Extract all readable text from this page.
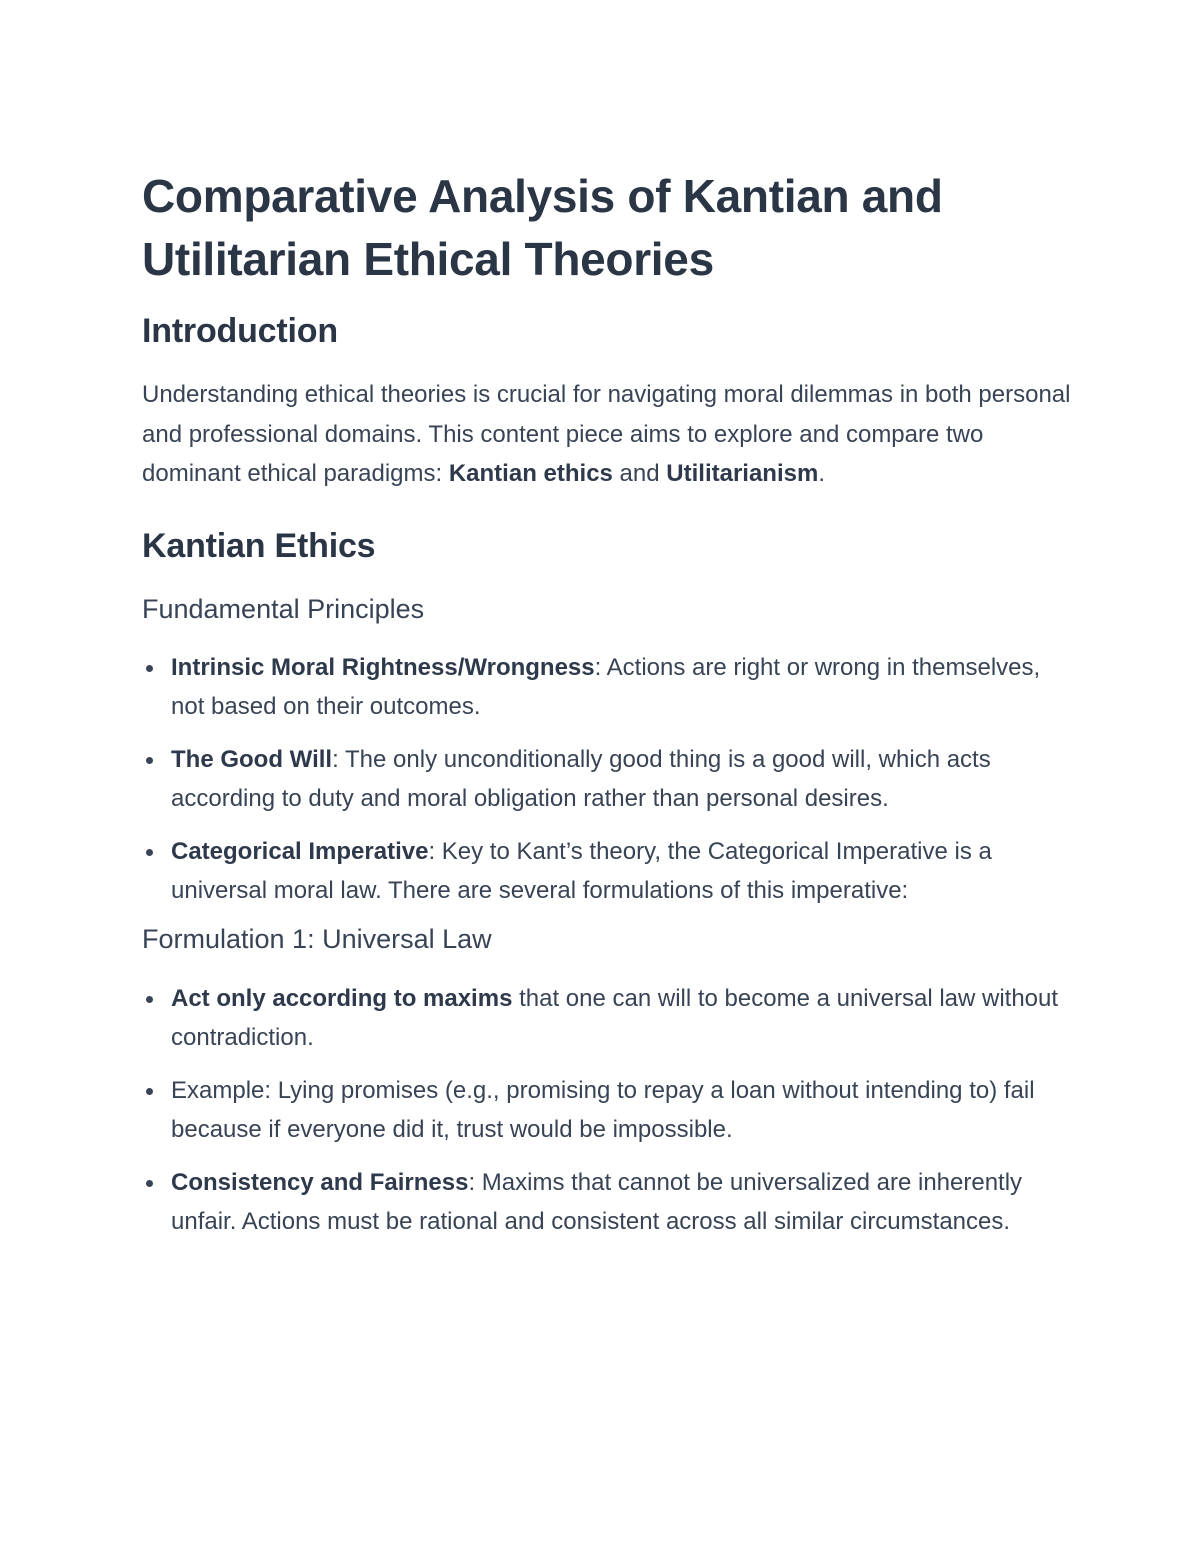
Comparative Analysis of Kantian and Utilitarian Ethical Theories
Introduction

Understanding ethical theories is crucial for navigating moral dilemmas in both personal and professional domains. This content piece aims to explore and compare two dominant ethical paradigms: Kantian ethics and Utilitarianism.

Kantian Ethics
Fundamental Principles
Intrinsic Moral Rightness/Wrongness: Actions are right or wrong in themselves, not based on their outcomes.
The Good Will: The only unconditionally good thing is a good will, which acts according to duty and moral obligation rather than personal desires.
Categorical Imperative: Key to Kant’s theory, the Categorical Imperative is a universal moral law. There are several formulations of this imperative:
Formulation 1: Universal Law
Act only according to maxims that one can will to become a universal law without contradiction.
Example: Lying promises (e.g., promising to repay a loan without intending to) fail because if everyone did it, trust would be impossible.
Consistency and Fairness: Maxims that cannot be universalized are inherently unfair. Actions must be rational and consistent across all similar circumstances.
